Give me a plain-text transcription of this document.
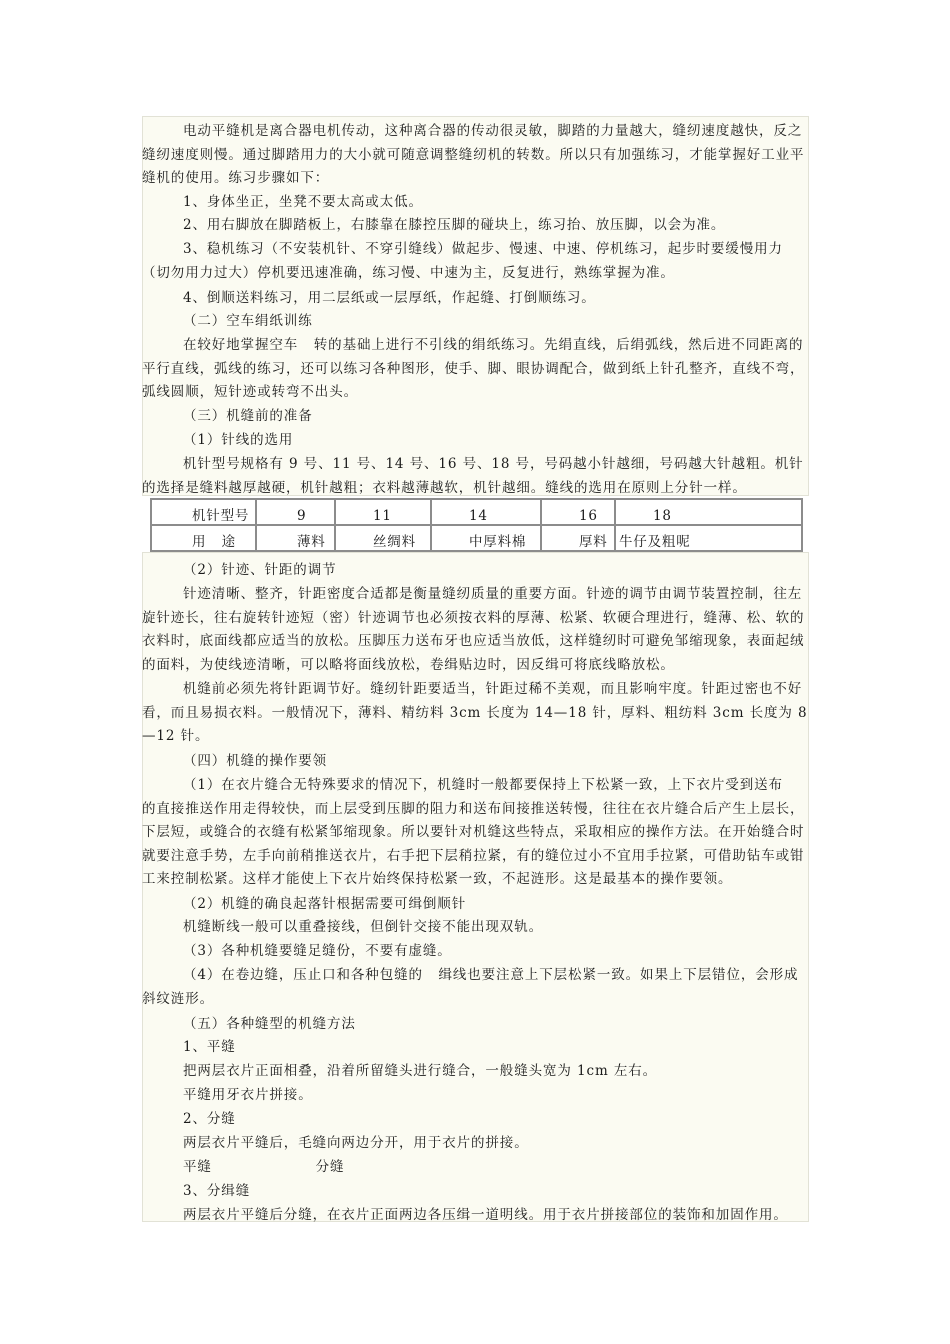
电动平缝机是离合器电机传动，这种离合器的传动很灵敏，脚踏的力量越大，缝纫速度越快，反之缝纫速度则慢。通过脚踏用力的大小就可随意调整缝纫机的转数。所以只有加强练习，才能掌握好工业平缝机的使用。练习步骤如下：

1、身体坐正，坐凳不要太高或太低。

2、用右脚放在脚踏板上，右膝靠在膝控压脚的碰块上，练习抬、放压脚，以会为准。

3、稳机练习（不安装机针、不穿引缝线）做起步、慢速、中速、停机练习，起步时要缓慢用力（切勿用力过大）停机要迅速准确，练习慢、中速为主，反复进行，熟练掌握为准。

4、倒顺送料练习，用二层纸或一层厚纸，作起缝、打倒顺练习。

（二）空车绢纸训练

在较好地掌握空车   转的基础上进行不引线的绢纸练习。先绢直线，后绢弧线，然后进不同距离的平行直线，弧线的练习，还可以练习各种图形，使手、脚、眼协调配合，做到纸上针孔整齐，直线不弯，弧线圆顺，短针迹或转弯不出头。

（三）机缝前的准备

（1）针线的选用

机针型号规格有 9 号、11 号、14 号、16 号、18 号，号码越小针越细，号码越大针越粗。机针的选择是缝料越厚越硬，机针越粗；衣料越薄越软，机针越细。缝线的选用在原则上分针一样。

机针型号	9	11	14	16	18
用   途	薄料	丝绸料	中厚料棉	厚料	牛仔及粗呢

（2）针迹、针距的调节

针迹清晰、整齐，针距密度合适都是衡量缝纫质量的重要方面。针迹的调节由调节装置控制，往左旋针迹长，往右旋转针迹短（密）针迹调节也必须按衣料的厚薄、松紧、软硬合理进行，缝薄、松、软的衣料时，底面线都应适当的放松。压脚压力送布牙也应适当放低，这样缝纫时可避免邹缩现象，表面起绒的面料，为使线迹清晰，可以略将面线放松，卷缉贴边时，因反缉可将底线略放松。

机缝前必须先将针距调节好。缝纫针距要适当，针距过稀不美观，而且影响牢度。针距过密也不好看，而且易损衣料。一般情况下，薄料、精纺料 3cm 长度为 14—18 针，厚料、粗纺料 3cm 长度为 8—12 针。

（四）机缝的操作要领

（1）在衣片缝合无特殊要求的情况下，机缝时一般都要保持上下松紧一致，上下衣片受到送布   的直接推送作用走得较快，而上层受到压脚的阻力和送布间接推送转慢，往往在衣片缝合后产生上层长，下层短，或缝合的衣缝有松紧邹缩现象。所以要针对机缝这些特点，采取相应的操作方法。在开始缝合时就要注意手势，左手向前稍推送衣片，右手把下层稍拉紧，有的缝位过小不宜用手拉紧，可借助钻车或钳工来控制松紧。这样才能使上下衣片始终保持松紧一致，不起涟形。这是最基本的操作要领。

（2）机缝的确良起落针根据需要可缉倒顺针

机缝断线一般可以重叠接线，但倒针交接不能出现双轨。

（3）各种机缝要缝足缝份，不要有虚缝。

（4）在卷边缝，压止口和各种包缝的   缉线也要注意上下层松紧一致。如果上下层错位，会形成斜纹涟形。

（五）各种缝型的机缝方法

1、平缝

把两层衣片正面相叠，沿着所留缝头进行缝合，一般缝头宽为 1cm 左右。

平缝用牙衣片拼接。

2、分缝

两层衣片平缝后，毛缝向两边分开，用于衣片的拼接。

平缝                    分缝

3、分缉缝

两层衣片平缝后分缝，在衣片正面两边各压缉一道明线。用于衣片拼接部位的装饰和加固作用。
